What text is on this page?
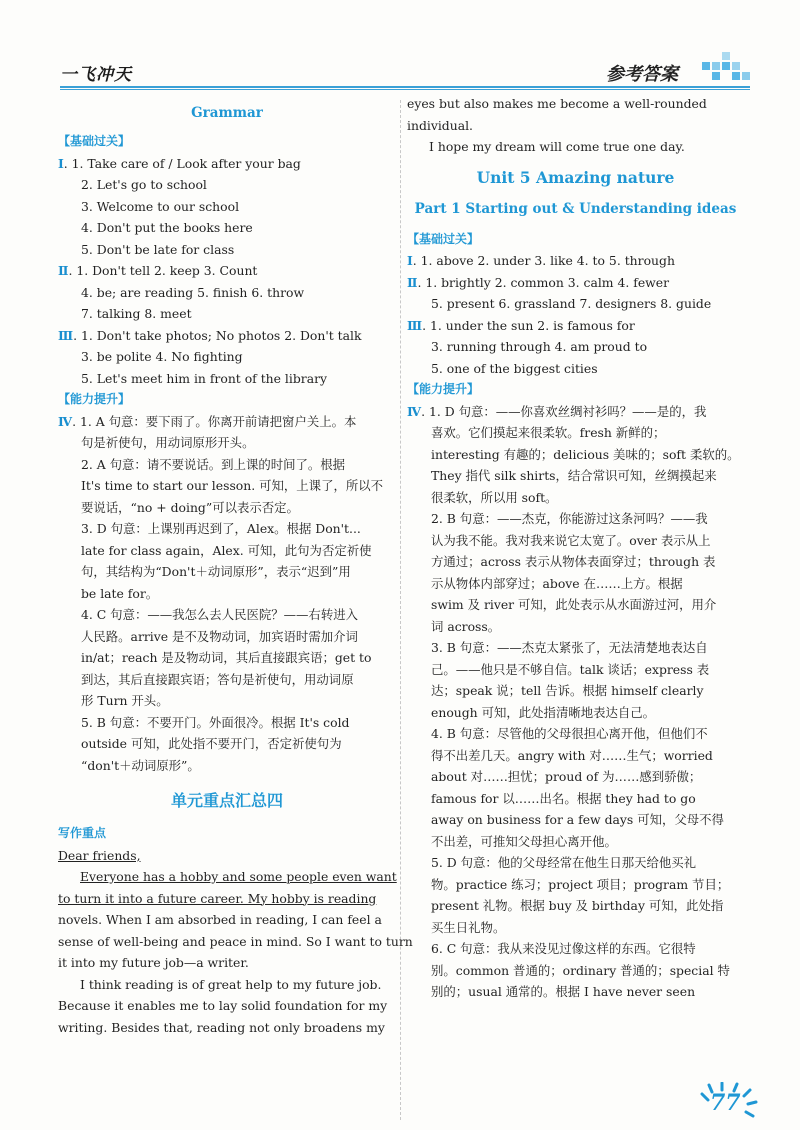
一飞冲天	参考答案
Grammar
【基础过关】
Ⅰ. 1. Take care of / Look after your bag
2. Let's go to school
3. Welcome to our school
4. Don't put the books here
5. Don't be late for class
Ⅱ. 1. Don't tell 2. keep 3. Count
4. be; are reading 5. finish 6. throw
7. talking 8. meet
Ⅲ. 1. Don't take photos; No photos 2. Don't talk
3. be polite 4. No fighting
5. Let's meet him in front of the library
【能力提升】
Ⅳ. 1. A 句意：要下雨了。你离开前请把窗户关上。本
句是祈使句，用动词原形开头。
2. A 句意：请不要说话。到上课的时间了。根据
It's time to start our lesson. 可知，上课了，所以不
要说话，“no + doing”可以表示否定。
3. D 句意：上课别再迟到了，Alex。根据 Don't...
late for class again，Alex. 可知，此句为否定祈使
句，其结构为“Don't＋动词原形”，表示“迟到”用
be late for。
4. C 句意：——我怎么去人民医院？——右转进入
人民路。arrive 是不及物动词，加宾语时需加介词
in/at；reach 是及物动词，其后直接跟宾语；get to
到达，其后直接跟宾语；答句是祈使句，用动词原
形 Turn 开头。
5. B 句意：不要开门。外面很冷。根据 It's cold
outside 可知，此处指不要开门，否定祈使句为
“don't＋动词原形”。
单元重点汇总四
写作重点
Dear friends,
Everyone has a hobby and some people even want
to turn it into a future career. My hobby is reading
novels. When I am absorbed in reading, I can feel a
sense of well-being and peace in mind. So I want to turn
it into my future job—a writer.
I think reading is of great help to my future job.
Because it enables me to lay solid foundation for my
writing. Besides that, reading not only broadens my
eyes but also makes me become a well-rounded
individual.
I hope my dream will come true one day.
Unit 5 Amazing nature
Part 1 Starting out & Understanding ideas
【基础过关】
Ⅰ. 1. above 2. under 3. like 4. to 5. through
Ⅱ. 1. brightly 2. common 3. calm 4. fewer
5. present 6. grassland 7. designers 8. guide
Ⅲ. 1. under the sun 2. is famous for
3. running through 4. am proud to
5. one of the biggest cities
【能力提升】
Ⅳ. 1. D 句意：——你喜欢丝绸衬衫吗？——是的，我
喜欢。它们摸起来很柔软。fresh 新鲜的；
interesting 有趣的；delicious 美味的；soft 柔软的。
They 指代 silk shirts，结合常识可知，丝绸摸起来
很柔软，所以用 soft。
2. B 句意：——杰克，你能游过这条河吗？——我
认为我不能。我对我来说它太宽了。over 表示从上
方通过；across 表示从物体表面穿过；through 表
示从物体内部穿过；above 在……上方。根据
swim 及 river 可知，此处表示从水面游过河，用介
词 across。
3. B 句意：——杰克太紧张了，无法清楚地表达自
己。——他只是不够自信。talk 谈话；express 表
达；speak 说；tell 告诉。根据 himself clearly
enough 可知，此处指清晰地表达自己。
4. B 句意：尽管他的父母很担心离开他，但他们不
得不出差几天。angry with 对……生气；worried
about 对……担忧；proud of 为……感到骄傲；
famous for 以……出名。根据 they had to go
away on business for a few days 可知，父母不得
不出差，可推知父母担心离开他。
5. D 句意：他的父母经常在他生日那天给他买礼
物。practice 练习；project 项目；program 节目；
present 礼物。根据 buy 及 birthday 可知，此处指
买生日礼物。
6. C 句意：我从来没见过像这样的东西。它很特
别。common 普通的；ordinary 普通的；special 特
别的；usual 通常的。根据 I have never seen
77
